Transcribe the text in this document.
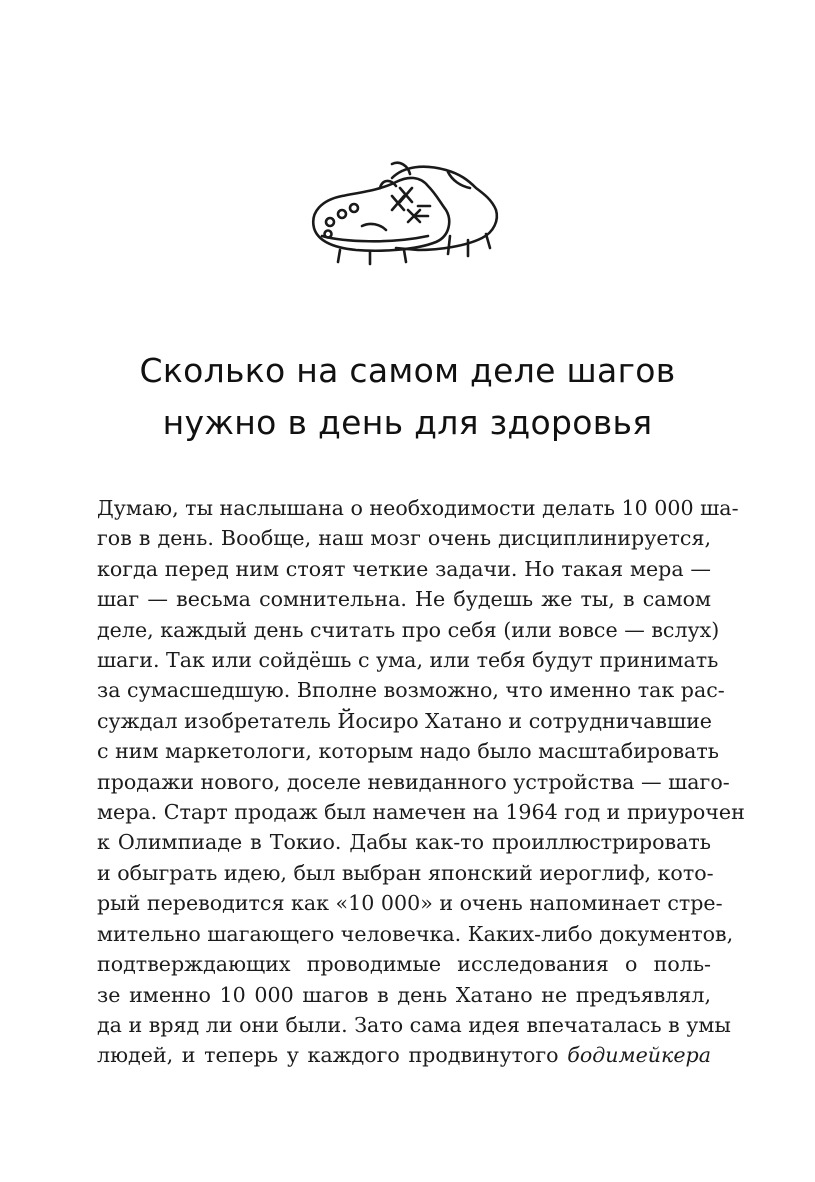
Сколько на самом деле шагов
нужно в день для здоровья
Думаю, ты наслышана о необходимости делать 10 000 ша-
гов в день. Вообще, наш мозг очень дисциплинируется,
когда перед ним стоят четкие задачи. Но такая мера —
шаг — весьма сомнительна. Не будешь же ты, в самом
деле, каждый день считать про себя (или вовсе — вслух)
шаги. Так или сойдёшь с ума, или тебя будут принимать
за сумасшедшую. Вполне возможно, что именно так рас-
суждал изобретатель Йосиро Хатано и сотрудничавшие
с ним маркетологи, которым надо было масштабировать
продажи нового, доселе невиданного устройства — шаго-
мера. Старт продаж был намечен на 1964 год и приурочен
к Олимпиаде в Токио. Дабы как-то проиллюстрировать
и обыграть идею, был выбран японский иероглиф, кото-
рый переводится как «10 000» и очень напоминает стре-
мительно шагающего человечка. Каких-либо документов,
подтверждающих проводимые исследования о поль-
зе именно 10 000 шагов в день Хатано не предъявлял,
да и вряд ли они были. Зато сама идея впечаталась в умы
людей, и теперь у каждого продвинутого бодимейкера
